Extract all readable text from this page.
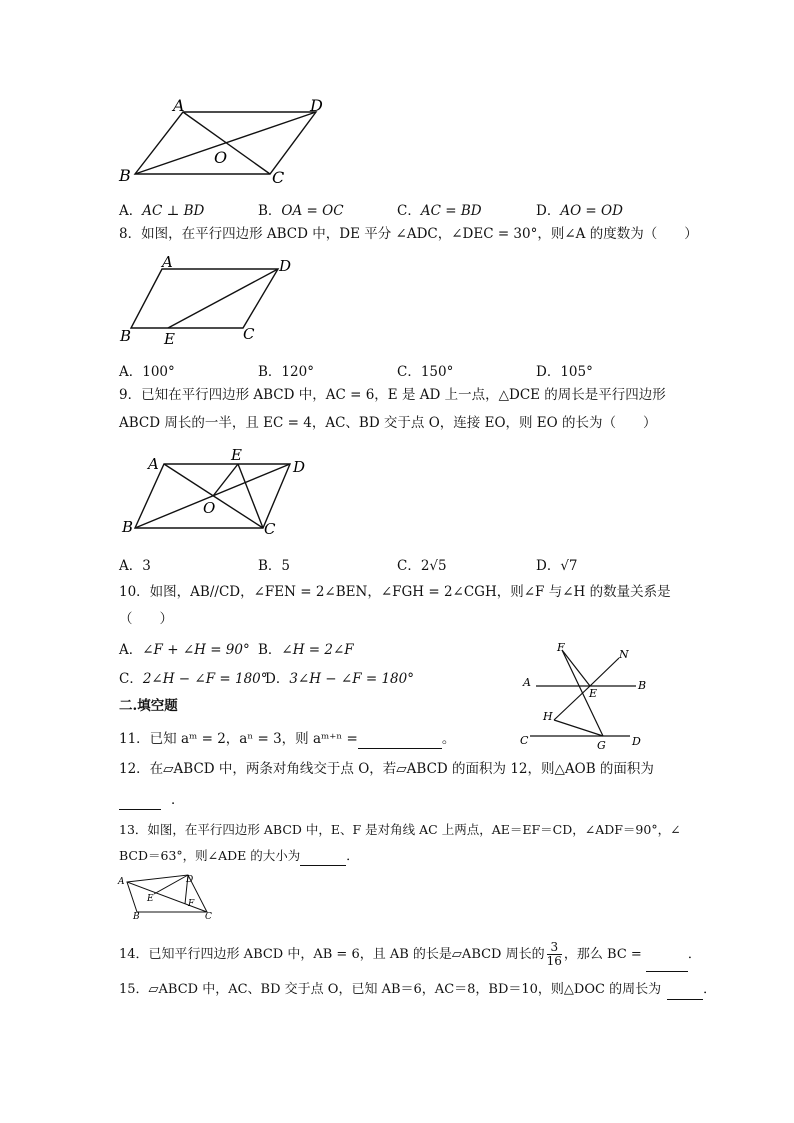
A	D
B	C
O
A．AC ⊥ BD	B．OA = OC	C．AC = BD	D．AO = OD
8．如图，在平行四边形 ABCD 中，DE 平分 ∠ADC，∠DEC = 30°，则∠A 的度数为（　　）
A	D
B E	C
A．100°	B．120°	C．150°	D．105°
9．已知在平行四边形 ABCD 中，AC = 6，E 是 AD 上一点，△DCE 的周长是平行四边形
ABCD 周长的一半，且 EC = 4，AC、BD 交于点 O，连接 EO，则 EO 的长为（　　）
A	E
D
O
B	C
A．3	B．5	C．2√5	D．√7
10．如图，AB//CD，∠FEN = 2∠BEN，∠FGH = 2∠CGH，则∠F 与∠H 的数量关系是
（　　）
A．∠F + ∠H = 90° B．∠H = 2∠F
C．2∠H − ∠F = 180°
D．3∠H − ∠F = 180°
F
N
A
E
B
H
C	G D
二.填空题
11．已知 aᵐ = 2，aⁿ = 3，则 aᵐ⁺ⁿ =	。
12．在▱ABCD 中，两条对角线交于点 O，若▱ABCD 的面积为 12，则△AOB 的面积为
．
13．如图，在平行四边形 ABCD 中，E、F 是对角线 AC 上两点，AE＝EF＝CD，∠ADF＝90°，∠
BCD＝63°，则∠ADE 的大小为	．
A	D
E	F
B	C
14．已知平行四边形 ABCD 中，AB = 6，且 AB 的长是▱ABCD 周长的 $\frac{3}{16}$ ，那么 BC =	．
15．▱ABCD 中，AC、BD 交于点 O，已知 AB＝6，AC＝8，BD＝10，则△DOC 的周长为	．
